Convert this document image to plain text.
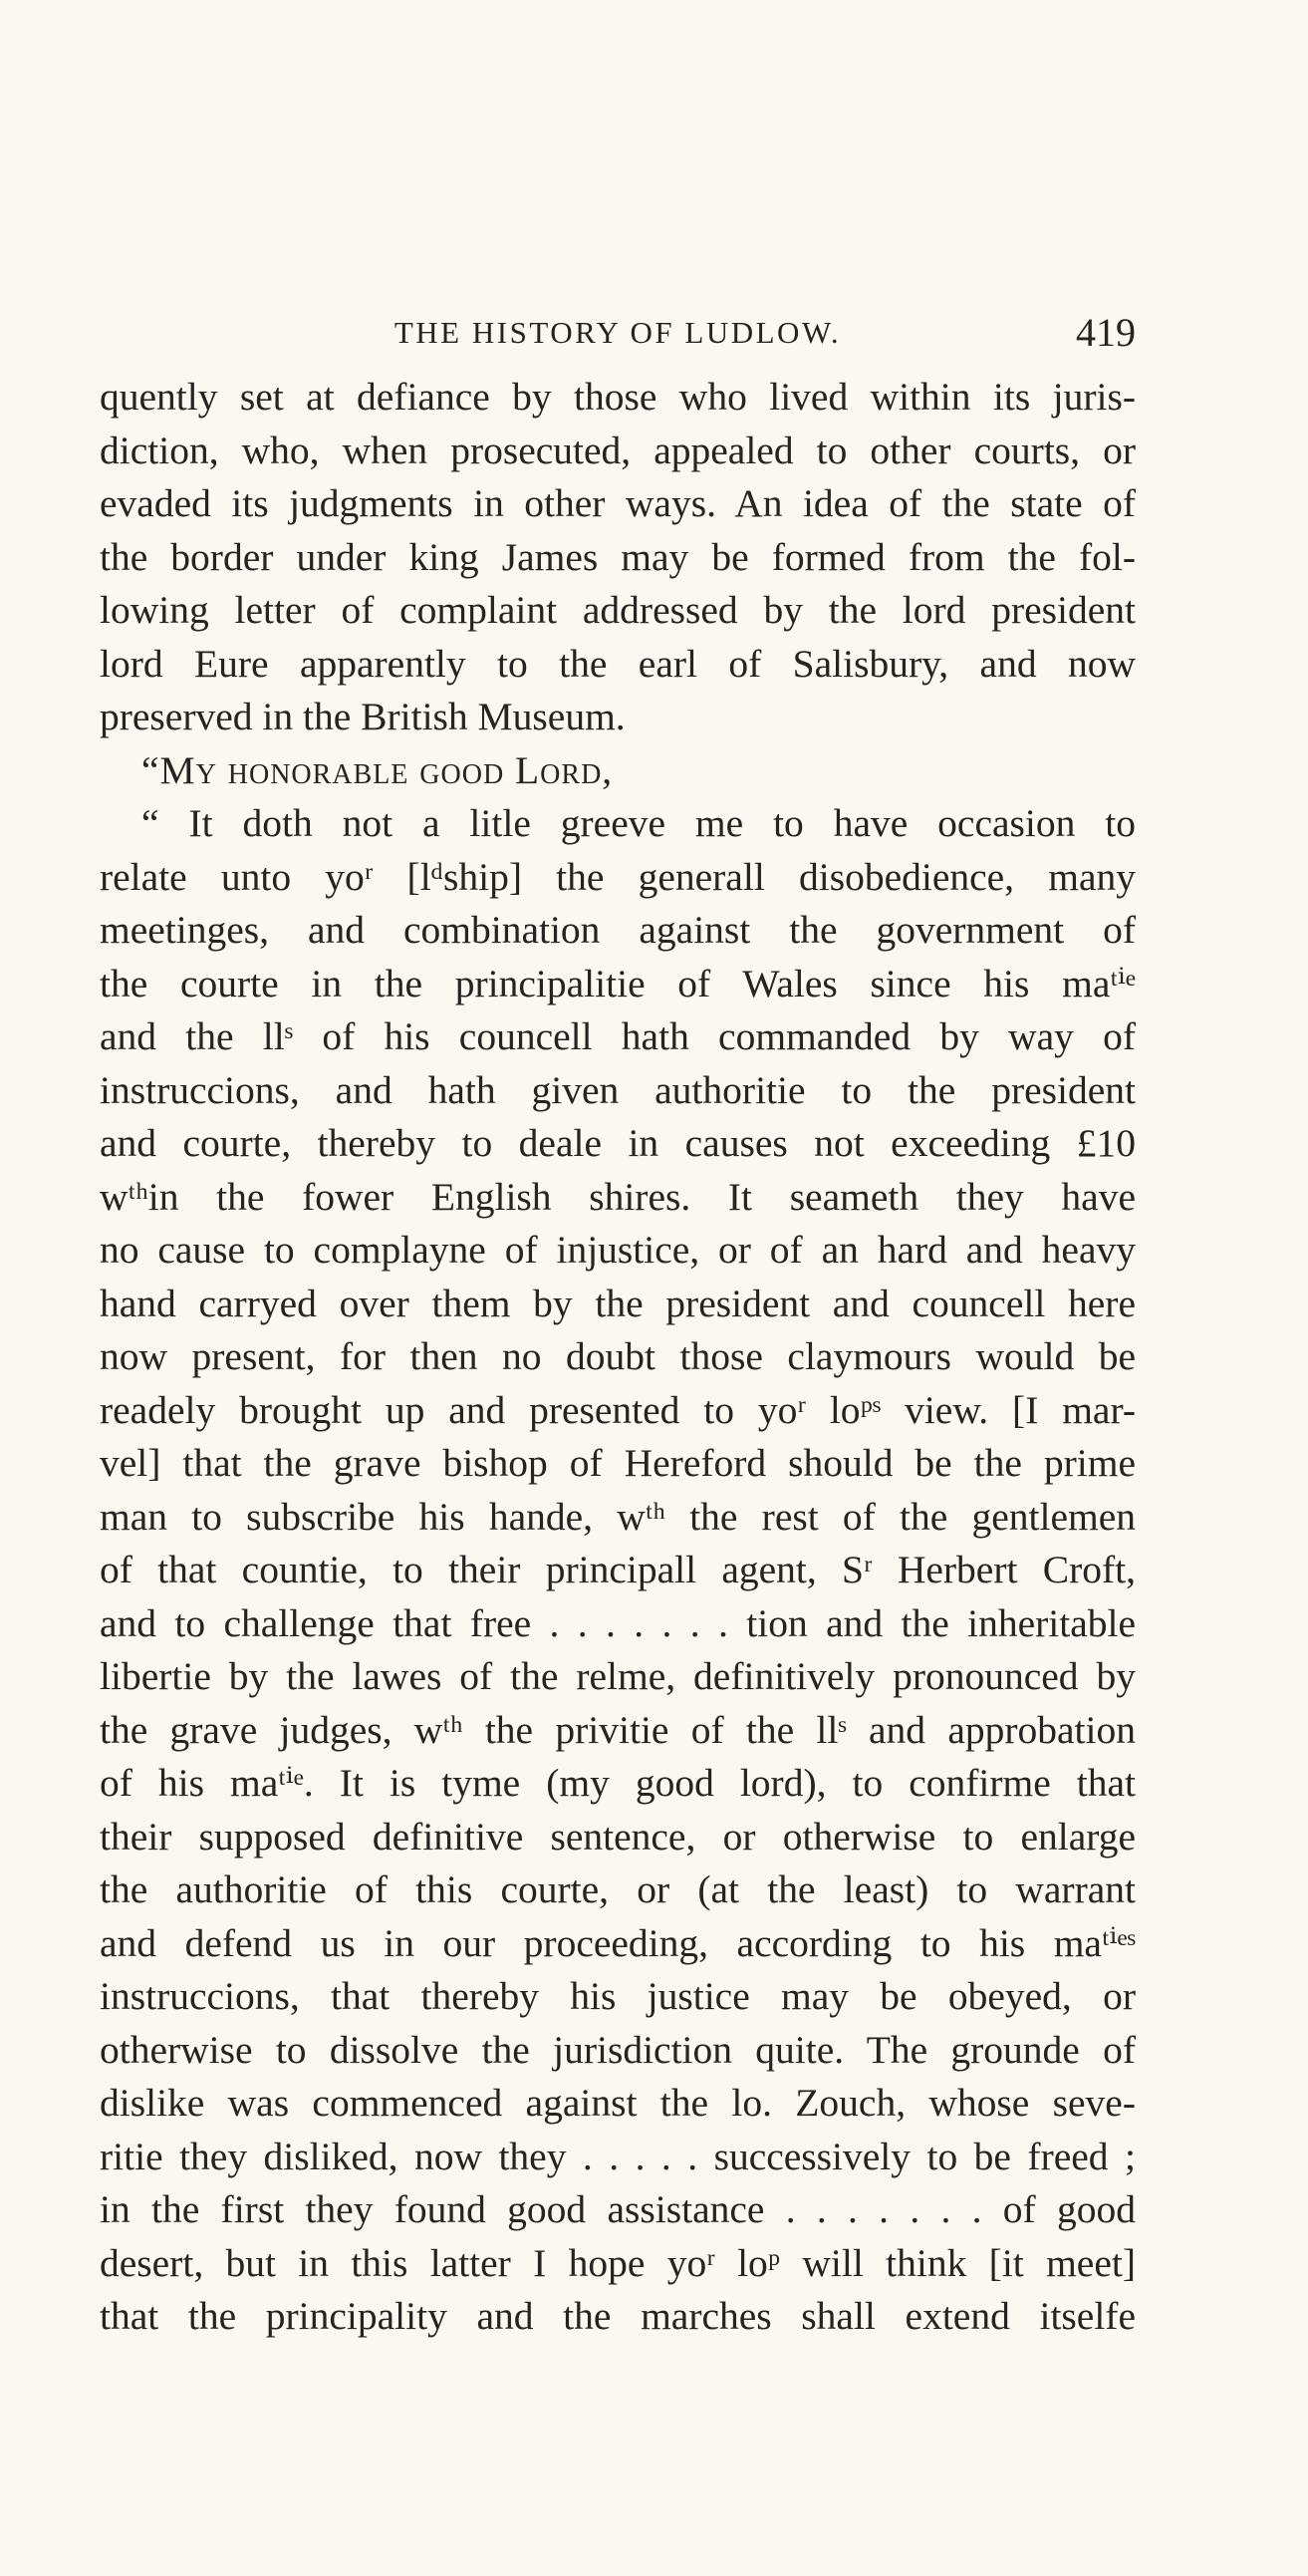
THE HISTORY OF LUDLOW.	419
quently set at defiance by those who lived within its juris-
diction, who, when prosecuted, appealed to other courts, or
evaded its judgments in other ways. An idea of the state of
the border under king James may be formed from the fol-
lowing letter of complaint addressed by the lord president
lord Eure apparently to the earl of Salisbury, and now
preserved in the British Museum.
“My honorable good Lord,
“ It doth not a litle greeve me to have occasion to
relate unto yoʳ [lᵈship] the generall disobedience, many
meetinges, and combination against the government of
the courte in the principalitie of Wales since his maᵗⁱᵉ
and the llˢ of his councell hath commanded by way of
instruccions, and hath given authoritie to the president
and courte, thereby to deale in causes not exceeding £10
wᵗʰin the fower English shires. It seameth they have
no cause to complayne of injustice, or of an hard and heavy
hand carryed over them by the president and councell here
now present, for then no doubt those claymours would be
readely brought up and presented to yoʳ loᵖˢ view. [I mar-
vel] that the grave bishop of Hereford should be the prime
man to subscribe his hande, wᵗʰ the rest of the gentlemen
of that countie, to their principall agent, Sʳ Herbert Croft,
and to challenge that free . . . . . . . tion and the inheritable
libertie by the lawes of the relme, definitively pronounced by
the grave judges, wᵗʰ the privitie of the llˢ and approbation
of his maᵗⁱᵉ. It is tyme (my good lord), to confirme that
their supposed definitive sentence, or otherwise to enlarge
the authoritie of this courte, or (at the least) to warrant
and defend us in our proceeding, according to his maᵗⁱᵉˢ
instruccions, that thereby his justice may be obeyed, or
otherwise to dissolve the jurisdiction quite. The grounde of
dislike was commenced against the lo. Zouch, whose seve-
ritie they disliked, now they . . . . . successively to be freed ;
in the first they found good assistance . . . . . . . of good
desert, but in this latter I hope yoʳ loᵖ will think [it meet]
that the principality and the marches shall extend itselfe
